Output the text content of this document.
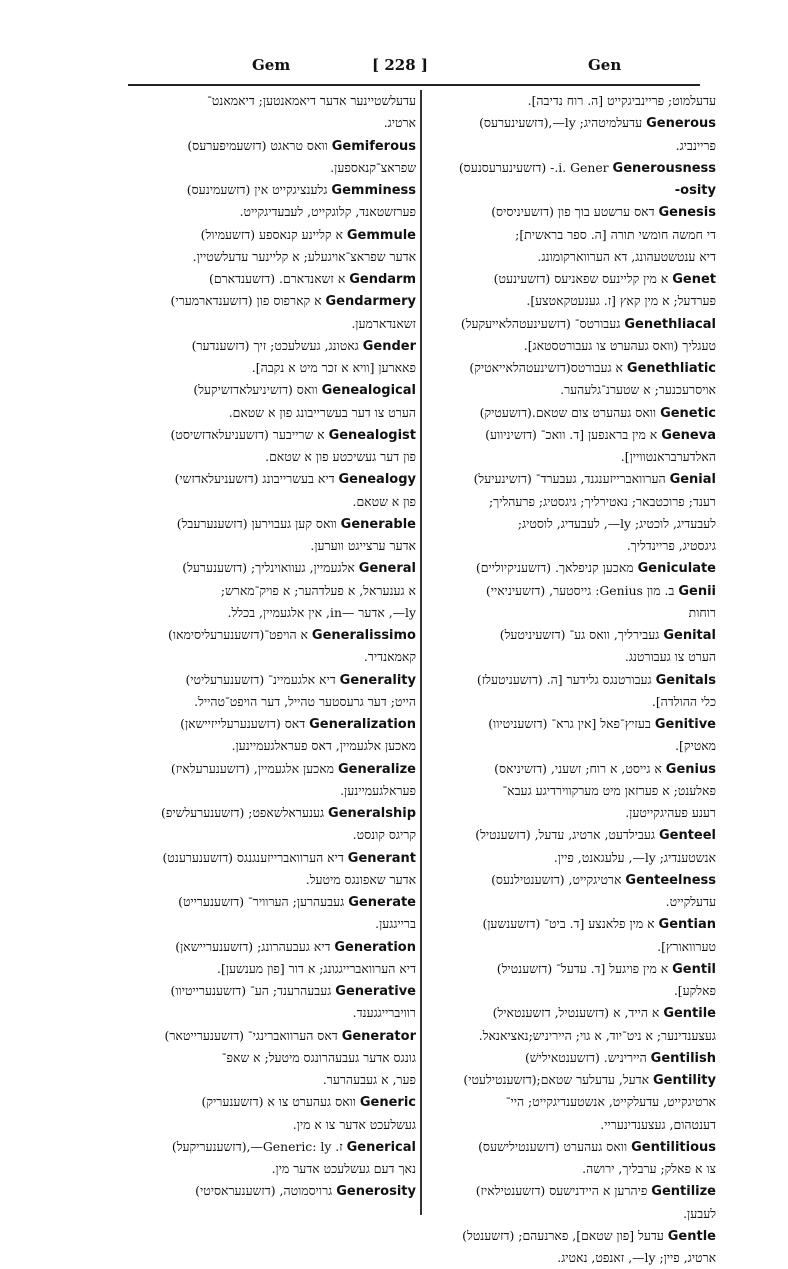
Gem	[ 228 ]	Gen
עדעלמוט; פריינביגקייט [ה. רוח נדיבה].
Generous עדעלמיטהיג; ly—,(דזשעינערעס)
פריינביג.
Generousness ‏‎.i. Gener- (דזשעינערעסנעס)
-osity
Genesis דאס ערשטע בוך פון (דזשעיניסיס)
די חמשה חומשי תורה [ה. ספר בראשית];
דיא ענטשטעהונג, דא הערווארקומונג.
Genet א מין קליינעס שפאניעס (דזשעינעט)
פערדעל; א מין קאץ [ז. גענעטקאטצע].
Genethliacal געבורטס־ (דזשעינעטהלאייעקעל)
טעגליך (וואס געהערט צו געבורטסטאג].
Genethliatic א געבורטס(דזשינעטהלאייאטיק)
אויסרעכנער; א שטערנ־גלעהער.
Genetic וואס געהערט צום שטאם.(דזשעטיק)
Geneva א מין בראנפען [ד. וואכ־ (דזשיניווע)
האלדערבראנטוויין].
Genial הערוואברייזענגנד, געבערד־ (דזשינעיעל)
רענד; פרוכטבאר; נאטירליך; גיגסטיג; פרעהליך;
לעבעדיג, לוכטיג; ly—, לעבעדיג, לוסטיג;
גיגסטיג, פריינדליך.
Geniculate מאכען קניפלאך. (דזשעניקיוליים)
Genii ב. מון Genius: גייסטער, (דזשעיניאיי)
רוחות
Genital געבירליך, וואס גע־ (דזשעיניטעל)
הערט צו געבורטנג.
Genitals געבורטנגס גלידער [ה. (דזשעניטעלז)
כלי ההולדה].
Genitive בעזיץ־פאל [אין גרא־ (דזשעניטיוו)
מאטיק].
Genius א גייסט, א רוח; זשעני, (דזשיניאס)
פאלענט; א פערזאן מיט מערקווירדיגע געבא־
רענע פעהיגקייטען.
Genteel געבילדעט, ארטיג, עדעל, (דזשענטיל)
אנשטענדיג; ly—, עלעגאנט, פיין.
Genteelness ארטיגקייט, (דזשענטילנעס)
עדעלקייט.
Gentian א מין פלאנצע [ד. ביט־ (דזשענשען)
טערוואורץ].
Gentil א מין פויגעל [ד. עדעל־ (דזשענטיל)
פאלקע].
Gentile א הייד, א (דזשענטיל, דזשענטאיל)
געצענדינער; א ניט־יוד, א גוי; הייריניש;נאציאנאל.
Gentilish הייריניש. (דזשענטאילישׁ)
Gentility אדעל, עדעלער שטאם;(דזשענטילעטי)
ארטיגקייט, עדעלקייט, אנשטענדיגקייט; היי־
דענטהום, געצענדינעריי.
Gentilitious וואס געהערט (דזשענטילישעס)
צו א פאלק; ערבליך, ירושה.
Gentilize פיהרען א היידנישעס (דזשענטילאיז)
לעבען.
Gentle עדעל [פון שטאם], פארנעהם; (דזשענטל)
ארטיג, פיין; ly—, זאנפט, נאטיג.
עדעלשטיינער אדער דיאמאנטען; דיאמאנט־
ארטיג.
Gemiferous וואס טראגט (דזשעמיפערעס)
שפראצ־קנאספען.
Gemminess גלענציגקייט אין (דזשעמינעס)
פערזשטאנד, קלוגקייט, לעבעדיגקייט.
Gemmule א קליינע קנאספע (דזשעמיול)
אדער שפראצ־אויגעלע; א קליינער עדעלשטיין.
Gendarm א זשאנדארם. (דזשענדארם)
Gendarmery א קארפוס פון (דזשענדארמערי)
זשאנדארמען.
Gender גאטונג, געשלעכט; זיך (דזשענדער)
פאארען [וויא א זכר מיט א נקבה].
Genealogical וואס (דזשיניעלאדזשיקעל)
הערט צו דער בעשרייבונג פון א שטאם.
Genealogist א שרייבער (דזשעניעלאדזשיסט)
פון דער געשיכטע פון א שטאם.
Genealogy דיא בעשרייבונג (דזשעניעלאדזשי)
פון א שטאם.
Generable וואס קען געבוירען (דזשענערעבל)
אדער ערצייגט ווערען.
General אלגעמיין, געוואוינליך; (דזשענערעל)
א גענעראל, א פעלדהער; א פויק־מארש;
ly—, אדער —in, אין אלגעמיין, בכלל.
Generalissimo א הויפט־(דזשענערעליסימאו)
קאמאנדיר.
Generality דיא אלגעמיינ־ (דזשענערעליטי)
הייט; דער גרעסטער טהייל, דער הויפט־טהייל.
Generalization דאס (דזשענערעלייזיישאן)
מאכען אלגעמיין, דאס פעראלגעמיינען.
Generalize מאכען אלגעמיין, (דזשענערעלאיז)
פעראלגעמיינען.
Generalship גענעראלשאפט; (דזשענערעלשיפ)
קריגס קונסט.
Generant דיא הערוואברייזענגנגס (דזשענערענט)
אדער שאפונגס מיטעל.
Generate געבעהרען; הערוויר־ (דזשענערייט)
ברייגגען.
Generation דיא געבעהרונג; (דזשענעריישאן)
דיא הערוואברייגגונג; א דור [פון מענשען].
Generative געבעהרענד; הע־ (דזשענערייטיוו)
רוויברייגגענד.
Generator דאס הערוואברינגי־ (דזשענערייטאר)
גונגס אדער געבעהרונגס מיטעל; א שאפ־
פער, א געבעהרער.
Generic וואס געהערט צו א (דזשענעריק)
געשלעכט אדער צו א מין.
Generical ז. Generic: ly—,(דזשענעריקעל)
נאך דעם געשלעכט אדער מין.
Generosity גרויסמוטה, (דזשענעראסיטי)
